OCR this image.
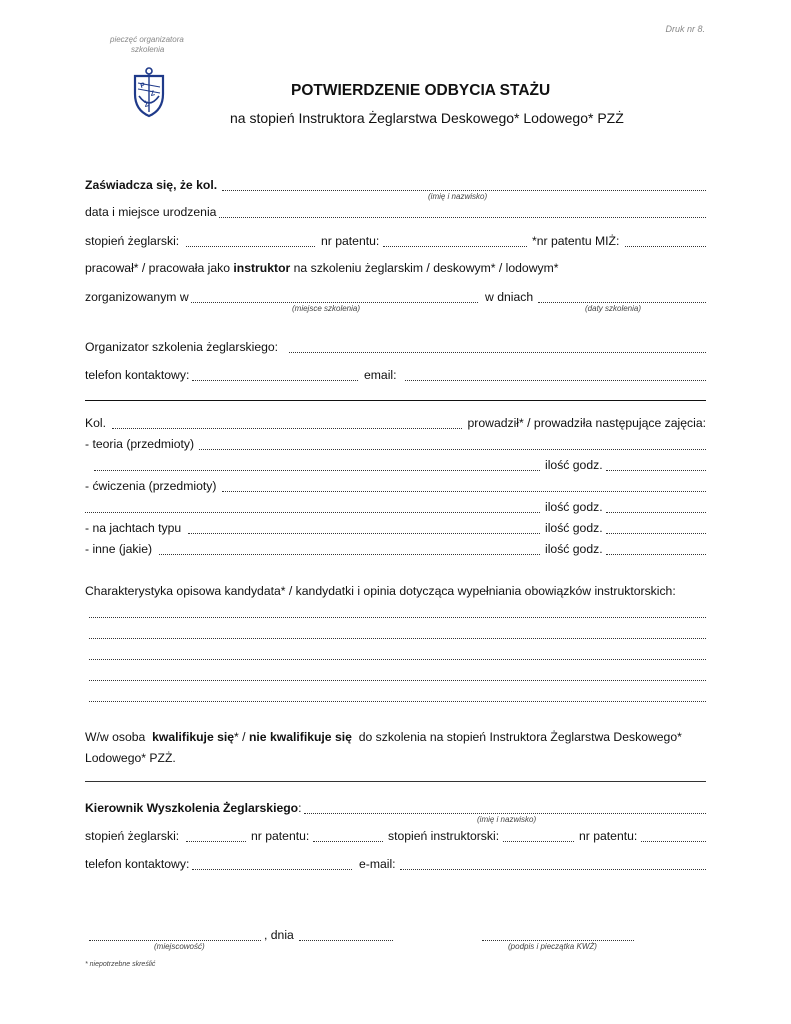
pieczęć organizatora
szkolenia
Druk nr 8.
P
Z
Ż
POTWIERDZENIE ODBYCIA STAŻU
na stopień Instruktora Żeglarstwa Deskowego* Lodowego* PZŻ
Zaświadcza się, że kol.
(imię i nazwisko)
data i miejsce urodzenia
stopień żeglarski:	nr patentu:	*nr patentu MIŻ:
pracował* / pracowała jako instruktor na szkoleniu żeglarskim / deskowym* / lodowym*
zorganizowanym w	w dniach
(miejsce szkolenia)	(daty szkolenia)
Organizator szkolenia żeglarskiego:
telefon kontaktowy:	email:
Kol.	prowadził* / prowadziła następujące zajęcia:
- teoria (przedmioty)
ilość godz.
- ćwiczenia (przedmioty)
ilość godz.
- na jachtach typu	ilość godz.
- inne (jakie)	ilość godz.
Charakterystyka opisowa kandydata* / kandydatki i opinia dotycząca wypełniania obowiązków instruktorskich:
W/w osoba kwalifikuje się* / nie kwalifikuje się do szkolenia na stopień Instruktora Żeglarstwa Deskowego*
Lodowego* PZŻ.
Kierownik Wyszkolenia Żeglarskiego:
(imię i nazwisko)
stopień żeglarski:	nr patentu:	stopień instruktorski:	nr patentu:
telefon kontaktowy:	e-mail:
, dnia
(miejscowość)	(podpis i pieczątka KWŻ)
* niepotrzebne skreślić
